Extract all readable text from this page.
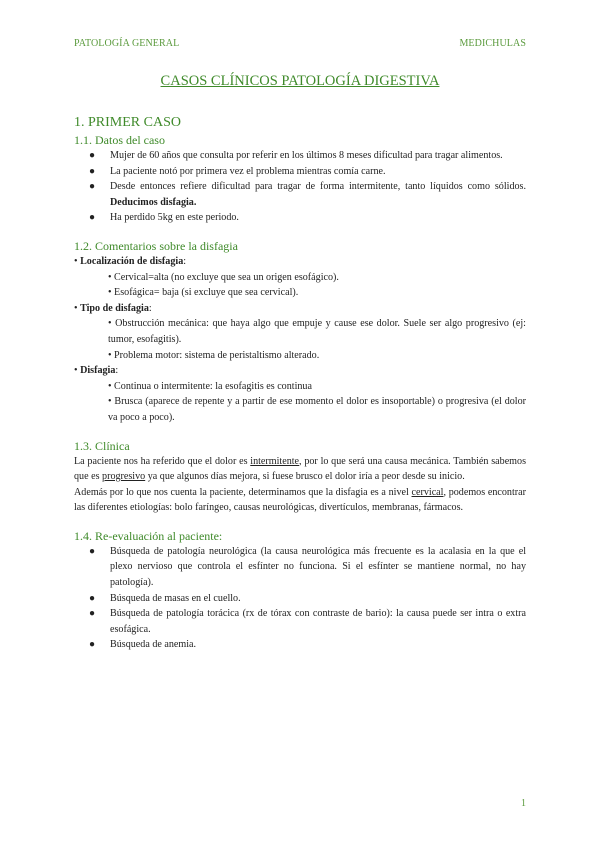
PATOLOGÍA GENERAL	MEDICHULAS
CASOS CLÍNICOS PATOLOGÍA DIGESTIVA
1. PRIMER CASO
1.1. Datos del caso
● Mujer de 60 años que consulta por referir en los últimos 8 meses dificultad para tragar alimentos.
● La paciente notó por primera vez el problema mientras comía carne.
● Desde entonces refiere dificultad para tragar de forma intermitente, tanto líquidos como sólidos. Deducimos disfagia.
● Ha perdido 5kg en este periodo.
1.2. Comentarios sobre la disfagia
• Localización de disfagia:
• Cervical=alta (no excluye que sea un origen esofágico).
• Esofágica= baja (si excluye que sea cervical).
• Tipo de disfagia:
• Obstrucción mecánica: que haya algo que empuje y cause ese dolor. Suele ser algo progresivo (ej: tumor, esofagitis).
• Problema motor: sistema de peristaltismo alterado.
• Disfagia:
• Continua o intermitente: la esofagitis es continua
• Brusca (aparece de repente y a partir de ese momento el dolor es insoportable) o progresiva (el dolor va poco a poco).
1.3. Clínica

La paciente nos ha referido que el dolor es intermitente, por lo que será una causa mecánica. También sabemos que es progresivo ya que algunos días mejora, si fuese brusco el dolor iría a peor desde su inicio.

Además por lo que nos cuenta la paciente, determinamos que la disfagia es a nivel cervical, podemos encontrar las diferentes etiologías: bolo faríngeo, causas neurológicas, divertículos, membranas, fármacos.

1.4. Re-evaluación al paciente:
● Búsqueda de patología neurológica (la causa neurológica más frecuente es la acalasia en la que el plexo nervioso que controla el esfínter no funciona. Si el esfínter se mantiene normal, no hay patología).
● Búsqueda de masas en el cuello.
● Búsqueda de patología torácica (rx de tórax con contraste de bario): la causa puede ser intra o extra esofágica.
● Búsqueda de anemia.
1
